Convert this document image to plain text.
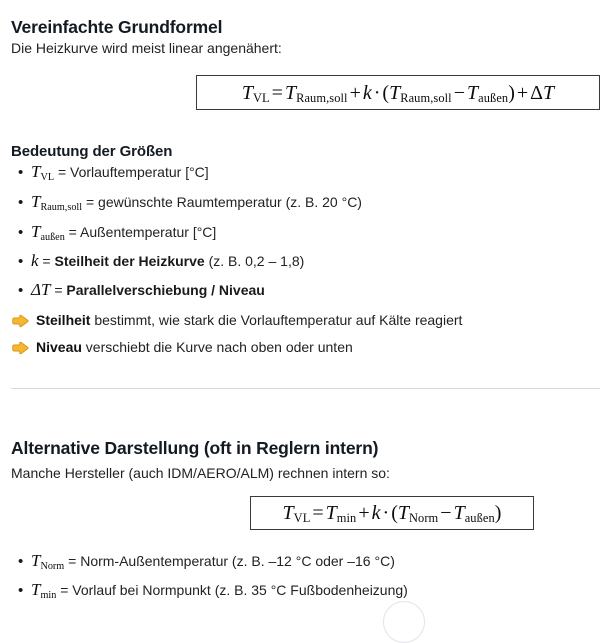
Vereinfachte Grundformel
Die Heizkurve wird meist linear angenähert:
$T_{VL} = T_{Raum,soll} + k \cdot (T_{Raum,soll} - T_{außen}) + \Delta T$
Bedeutung der Größen
• $T_{VL}$ = Vorlauftemperatur [°C]
• $T_{Raum,soll}$ = gewünschte Raumtemperatur (z. B. 20 °C)
• $T_{außen}$ = Außentemperatur [°C]
• k = Steilheit der Heizkurve (z. B. 0,2 – 1,8)
• ΔT = Parallelverschiebung / Niveau
Steilheit bestimmt, wie stark die Vorlauftemperatur auf Kälte reagiert
Niveau verschiebt die Kurve nach oben oder unten
Alternative Darstellung (oft in Reglern intern)
Manche Hersteller (auch IDM/AERO/ALM) rechnen intern so:
$T_{VL} = T_{min} + k \cdot (T_{Norm} - T_{außen})$
• $T_{Norm}$ = Norm-Außentemperatur (z. B. –12 °C oder –16 °C)
• $T_{min}$ = Vorlauf bei Normpunkt (z. B. 35 °C Fußbodenheizung)
